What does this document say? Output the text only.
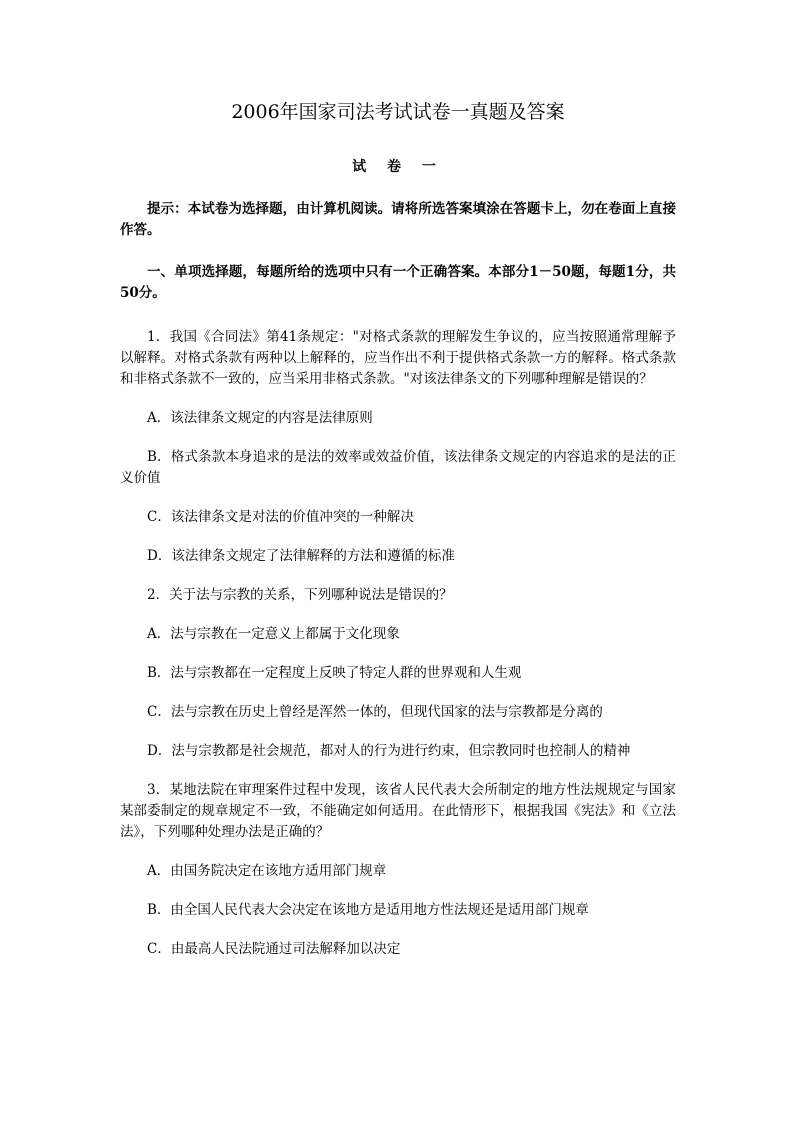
2006年国家司法考试试卷一真题及答案
试 卷 一

提示：本试卷为选择题，由计算机阅读。请将所选答案填涂在答题卡上，勿在卷面上直接作答。

一、单项选择题，每题所给的选项中只有一个正确答案。本部分1－50题，每题1分，共50分。

1．我国《合同法》第41条规定："对格式条款的理解发生争议的，应当按照通常理解予以解释。对格式条款有两种以上解释的，应当作出不利于提供格式条款一方的解释。格式条款和非格式条款不一致的，应当采用非格式条款。"对该法律条文的下列哪种理解是错误的？

A．该法律条文规定的内容是法律原则

B．格式条款本身追求的是法的效率或效益价值，该法律条文规定的内容追求的是法的正义价值

C．该法律条文是对法的价值冲突的一种解决

D．该法律条文规定了法律解释的方法和遵循的标准

2．关于法与宗教的关系，下列哪种说法是错误的？

A．法与宗教在一定意义上都属于文化现象

B．法与宗教都在一定程度上反映了特定人群的世界观和人生观

C．法与宗教在历史上曾经是浑然一体的，但现代国家的法与宗教都是分离的

D．法与宗教都是社会规范，都对人的行为进行约束，但宗教同时也控制人的精神

3．某地法院在审理案件过程中发现，该省人民代表大会所制定的地方性法规规定与国家某部委制定的规章规定不一致，不能确定如何适用。在此情形下，根据我国《宪法》和《立法法》，下列哪种处理办法是正确的？

A．由国务院决定在该地方适用部门规章

B．由全国人民代表大会决定在该地方是适用地方性法规还是适用部门规章

C．由最高人民法院通过司法解释加以决定
